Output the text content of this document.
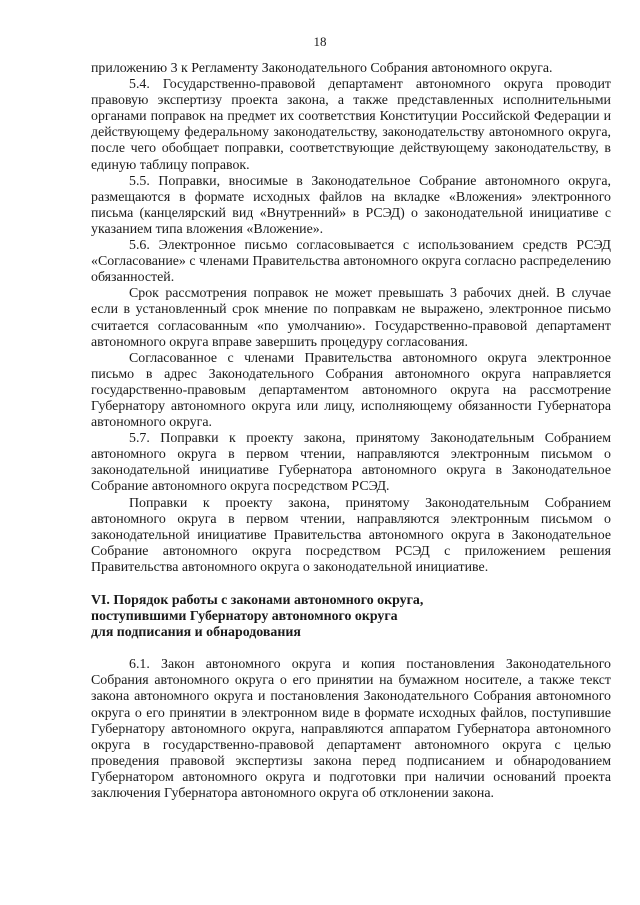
18

приложению 3 к Регламенту Законодательного Собрания автономного округа.

5.4. Государственно-правовой департамент автономного округа проводит правовую экспертизу проекта закона, а также представленных исполнительными органами поправок на предмет их соответствия Конституции Российской Федерации и действующему федеральному законодательству, законодательству автономного округа, после чего обобщает поправки, соответствующие действующему законодательству, в единую таблицу поправок.

5.5. Поправки, вносимые в Законодательное Собрание автономного округа, размещаются в формате исходных файлов на вкладке «Вложения» электронного письма (канцелярский вид «Внутренний» в РСЭД) о законодательной инициативе с указанием типа вложения «Вложение».

5.6. Электронное письмо согласовывается с использованием средств РСЭД «Согласование» с членами Правительства автономного округа согласно распределению обязанностей.

Срок рассмотрения поправок не может превышать 3 рабочих дней. В случае если в установленный срок мнение по поправкам не выражено, электронное письмо считается согласованным «по умолчанию». Государственно-правовой департамент автономного округа вправе завершить процедуру согласования.

Согласованное с членами Правительства автономного округа электронное письмо в адрес Законодательного Собрания автономного округа направляется государственно-правовым департаментом автономного округа на рассмотрение Губернатору автономного округа или лицу, исполняющему обязанности Губернатора автономного округа.

5.7. Поправки к проекту закона, принятому Законодательным Собранием автономного округа в первом чтении, направляются электронным письмом о законодательной инициативе Губернатора автономного округа в Законодательное Собрание автономного округа посредством РСЭД.

Поправки к проекту закона, принятому Законодательным Собранием автономного округа в первом чтении, направляются электронным письмом о законодательной инициативе Правительства автономного округа в Законодательное Собрание автономного округа посредством РСЭД с приложением решения Правительства автономного округа о законодательной инициативе.

VI. Порядок работы с законами автономного округа,

поступившими Губернатору автономного округа

для подписания и обнародования

6.1. Закон автономного округа и копия постановления Законодательного Собрания автономного округа о его принятии на бумажном носителе, а также текст закона автономного округа и постановления Законодательного Собрания автономного округа о его принятии в электронном виде в формате исходных файлов, поступившие Губернатору автономного округа, направляются аппаратом Губернатора автономного округа в государственно-правовой департамент автономного округа с целью проведения правовой экспертизы закона перед подписанием и обнародованием Губернатором автономного округа и подготовки при наличии оснований проекта заключения Губернатора автономного округа об отклонении закона.
